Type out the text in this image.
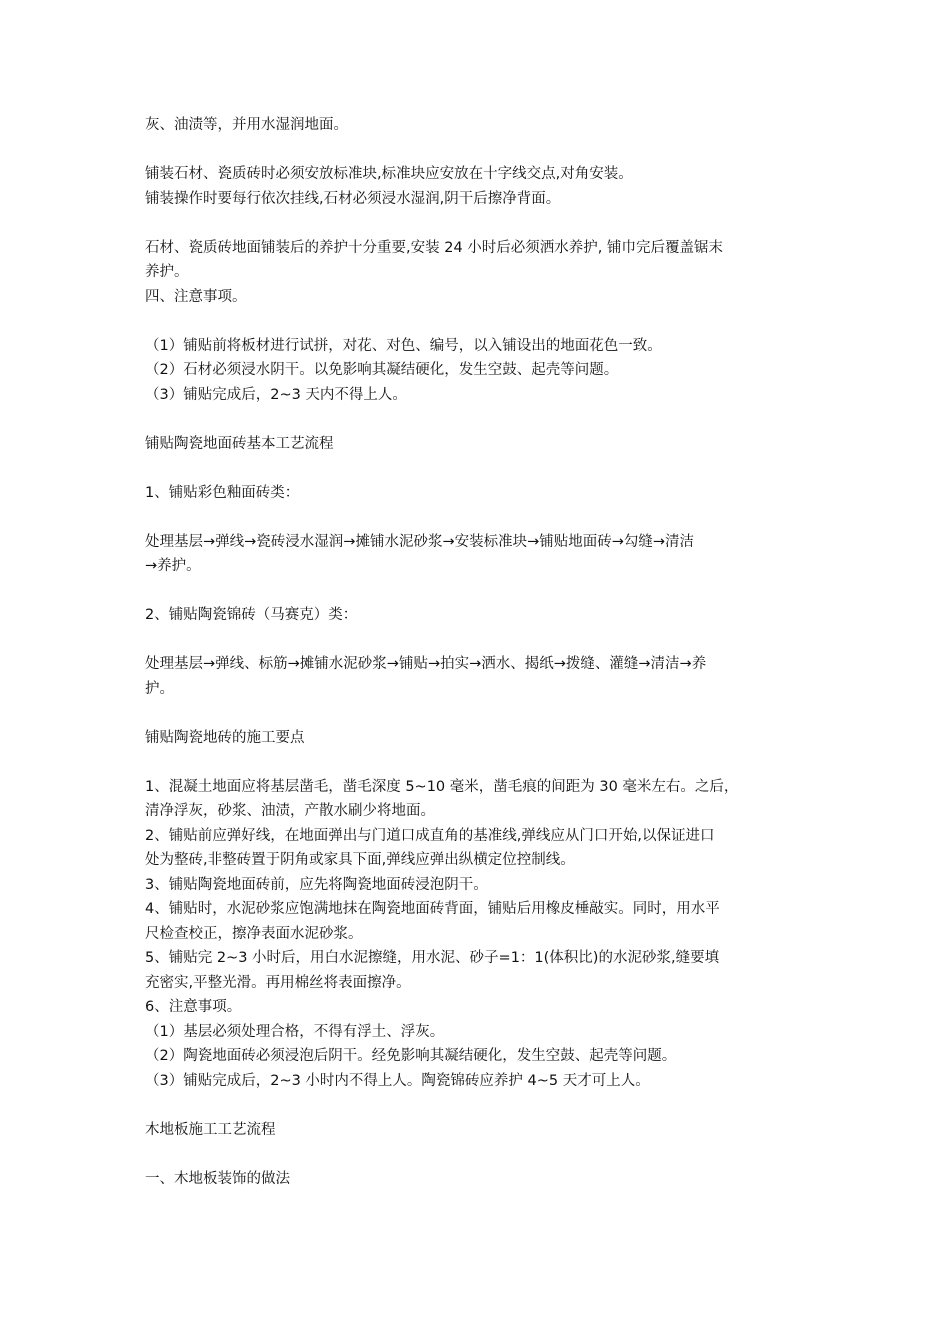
灰、油渍等，并用水湿润地面。
铺装石材、瓷质砖时必须安放标准块,标准块应安放在十字线交点,对角安装。
铺装操作时要每行依次挂线,石材必须浸水湿润,阴干后擦净背面。
石材、瓷质砖地面铺装后的养护十分重要,安装 24 小时后必须洒水养护, 铺巾完后覆盖锯末
养护。
四、注意事项。
（1）铺贴前将板材进行试拼，对花、对色、编号，以入铺设出的地面花色一致。
（2）石材必须浸水阴干。以免影响其凝结硬化，发生空鼓、起壳等问题。
（3）铺贴完成后，2~3 天内不得上人。
铺贴陶瓷地面砖基本工艺流程
1、铺贴彩色釉面砖类：
处理基层→弹线→瓷砖浸水湿润→摊铺水泥砂浆→安装标准块→铺贴地面砖→勾缝→清洁
→养护。
2、铺贴陶瓷锦砖（马赛克）类：
处理基层→弹线、标筋→摊铺水泥砂浆→铺贴→拍实→洒水、揭纸→拨缝、灌缝→清洁→养
护。
铺贴陶瓷地砖的施工要点
1、混凝土地面应将基层凿毛，凿毛深度 5~10 毫米，凿毛痕的间距为 30 毫米左右。之后，
清净浮灰，砂浆、油渍，产散水刷少将地面。
2、铺贴前应弹好线，在地面弹出与门道口成直角的基准线,弹线应从门口开始,以保证进口
处为整砖,非整砖置于阴角或家具下面,弹线应弹出纵横定位控制线。
3、铺贴陶瓷地面砖前，应先将陶瓷地面砖浸泡阴干。
4、铺贴时，水泥砂浆应饱满地抹在陶瓷地面砖背面，铺贴后用橡皮棰敲实。同时，用水平
尺检查校正，擦净表面水泥砂浆。
5、铺贴完 2~3 小时后，用白水泥擦缝，用水泥、砂子=1：1(体积比)的水泥砂浆,缝要填
充密实,平整光滑。再用棉丝将表面擦净。
6、注意事项。
（1）基层必须处理合格，不得有浮土、浮灰。
（2）陶瓷地面砖必须浸泡后阴干。经免影响其凝结硬化，发生空鼓、起壳等问题。
（3）铺贴完成后，2~3 小时内不得上人。陶瓷锦砖应养护 4~5 天才可上人。
木地板施工工艺流程
一、木地板装饰的做法
